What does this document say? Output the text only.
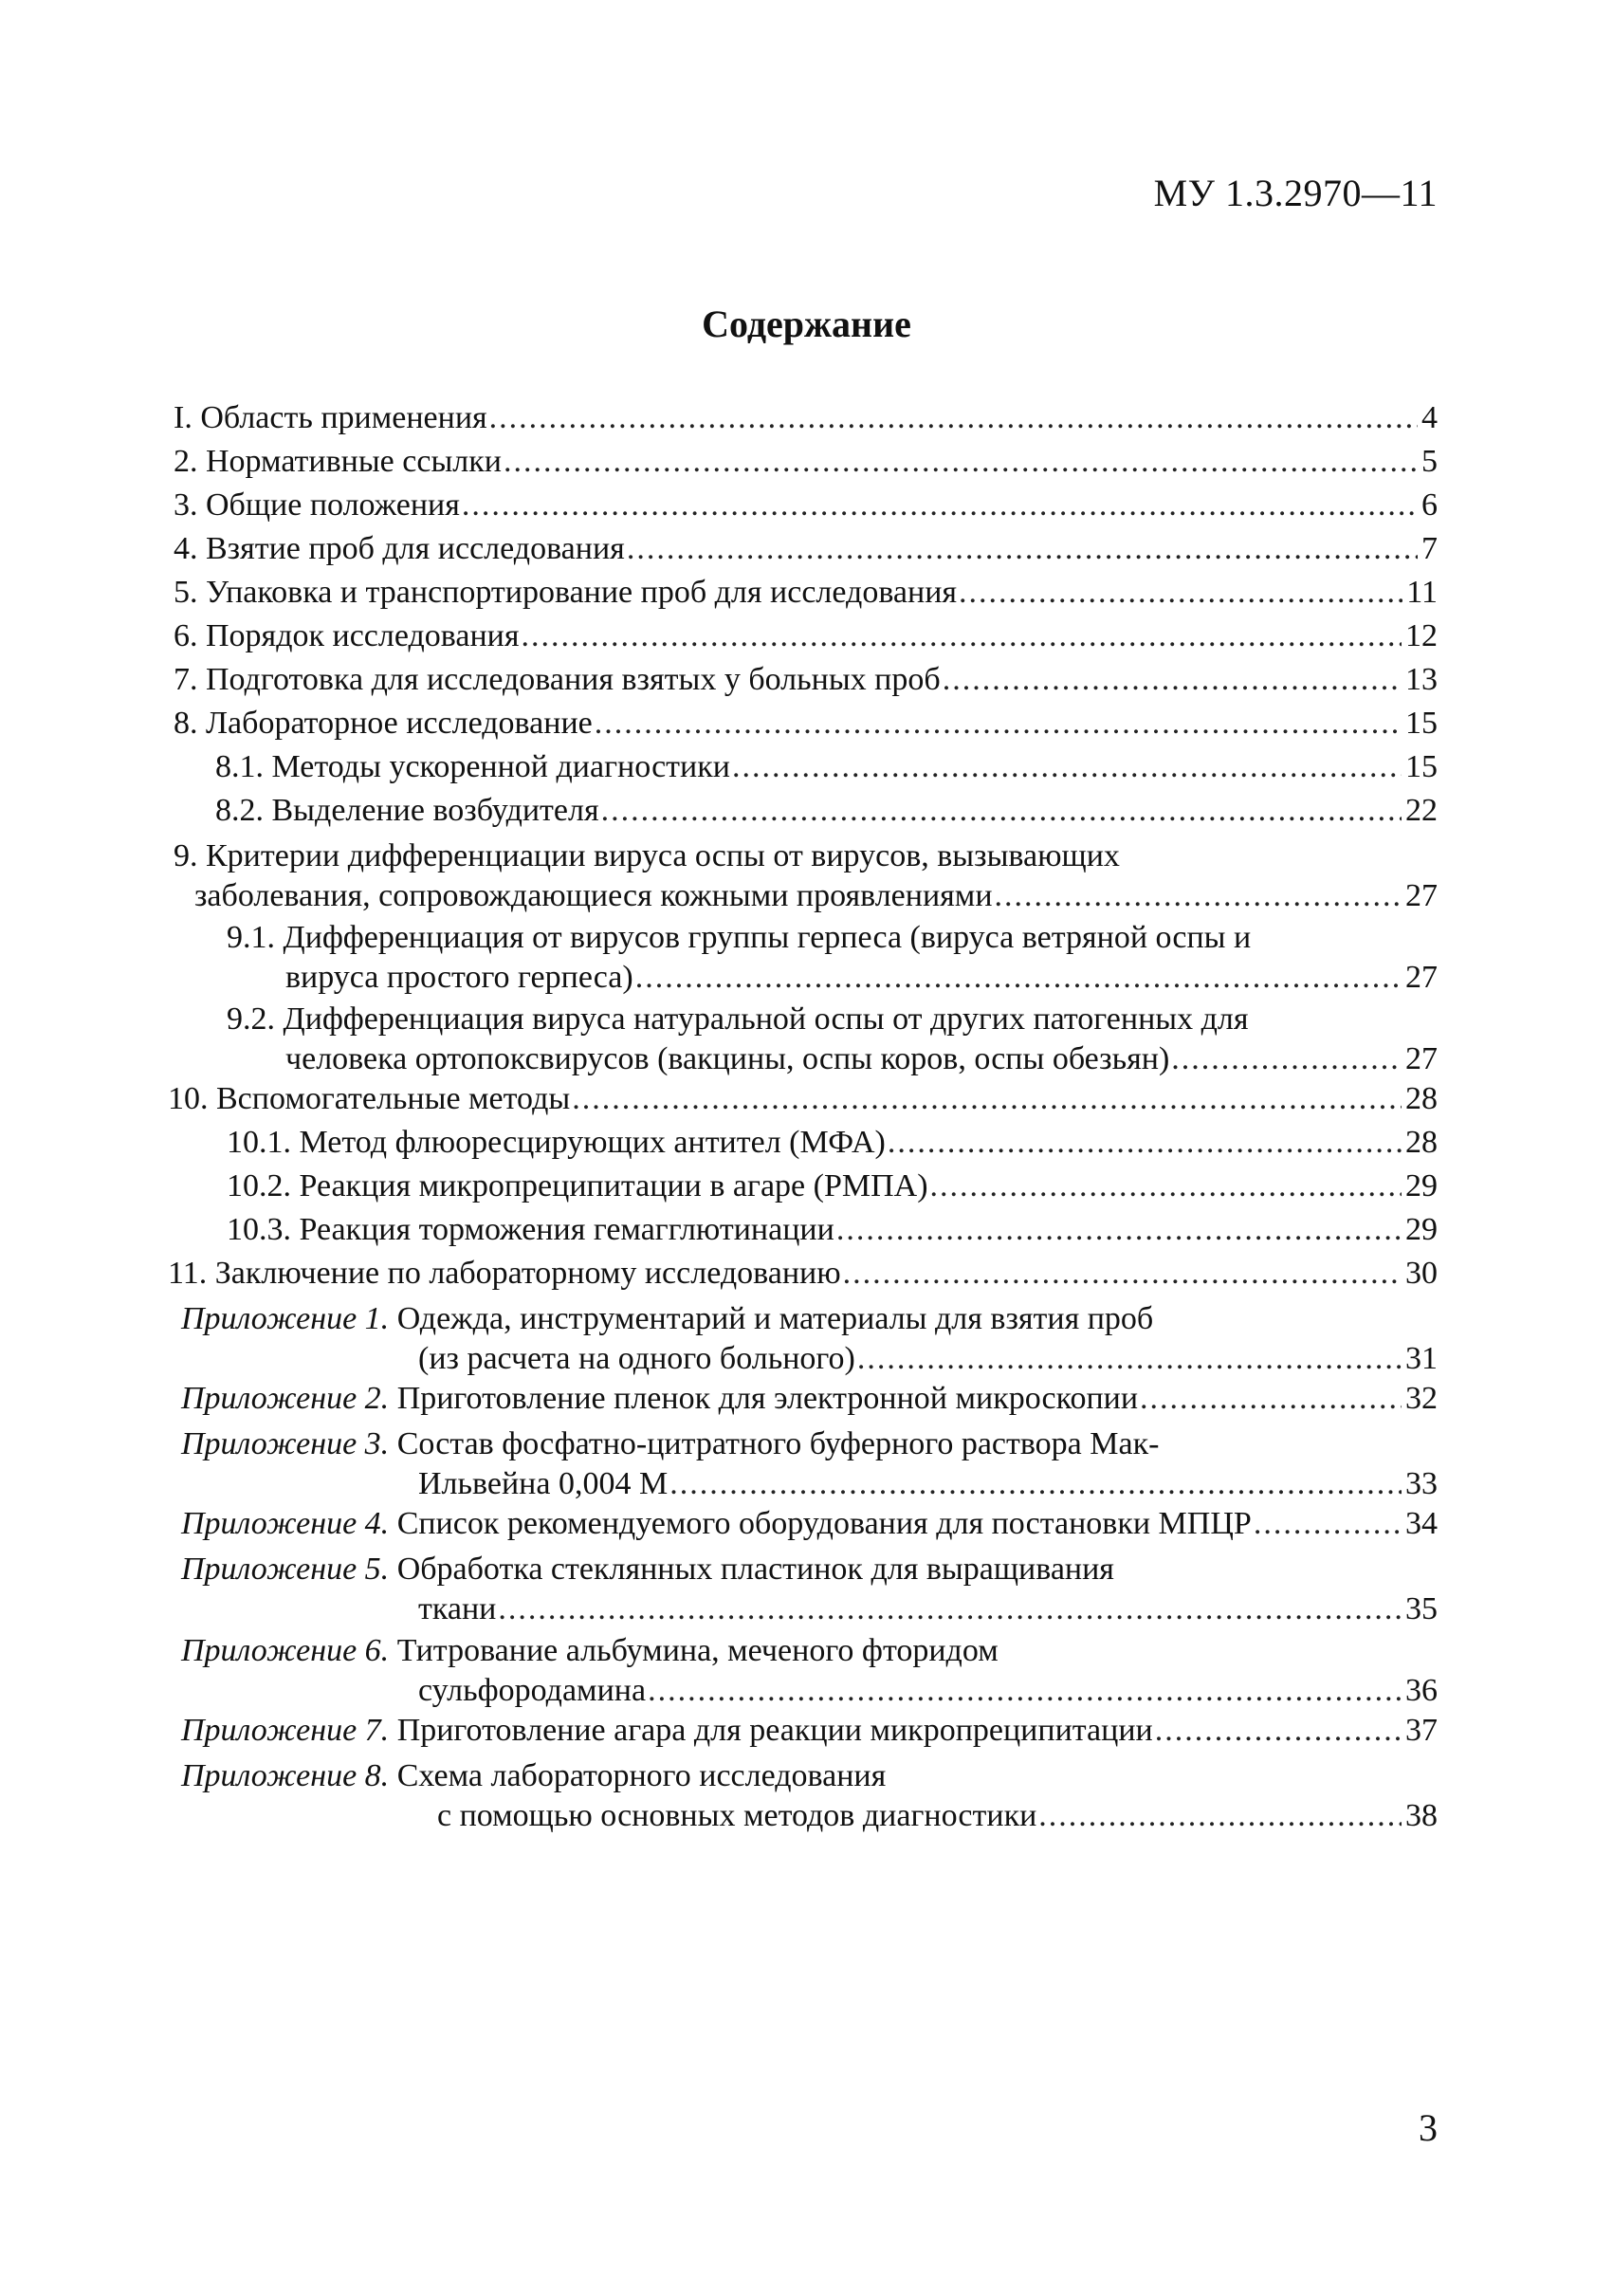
МУ 1.3.2970—11
Содержание
I. Область применения .....	4
2. Нормативные ссылки .....	5
3. Общие положения .....	6
4. Взятие проб для исследования .....	7
5. Упаковка и транспортирование проб для исследования .....	11
6. Порядок исследования .....	12
7. Подготовка для исследования взятых у больных проб .....	13
8. Лабораторное исследование .....	15
8.1. Методы ускоренной диагностики .....	15
8.2. Выделение возбудителя .....	22
9. Критерии дифференциации вируса оспы от вирусов, вызывающих
заболевания, сопровождающиеся кожными проявлениями .....	27
9.1. Дифференциация от вирусов группы герпеса (вируса ветряной оспы и
вируса простого герпеса) .....	27
9.2. Дифференциация вируса натуральной оспы от других патогенных для
человека ортопоксвирусов (вакцины, оспы коров, оспы обезьян) .....	27
10. Вспомогательные методы .....	28
10.1. Метод флюоресцирующих антител (МФА) .....	28
10.2. Реакция микропреципитации в агаре (РМПА) .....	29
10.3. Реакция торможения гемагглютинации .....	29
11. Заключение по лабораторному исследованию .....	30
Приложение 1. Одежда, инструментарий и материалы для взятия проб
(из расчета на одного больного) .....	31
Приложение 2. Приготовление пленок для электронной микроскопии .....	32
Приложение 3. Состав фосфатно-цитратного буферного раствора Мак-
Ильвейна 0,004 М .....	33
Приложение 4. Список рекомендуемого оборудования для постановки МПЦР .....	34
Приложение 5. Обработка стеклянных пластинок для выращивания
ткани .....	35
Приложение 6. Титрование альбумина, меченого фторидом
сульфородамина .....	36
Приложение 7. Приготовление агара для реакции микропреципитации .....	37
Приложение 8. Схема лабораторного исследования
с помощью основных методов диагностики .....	38
3
